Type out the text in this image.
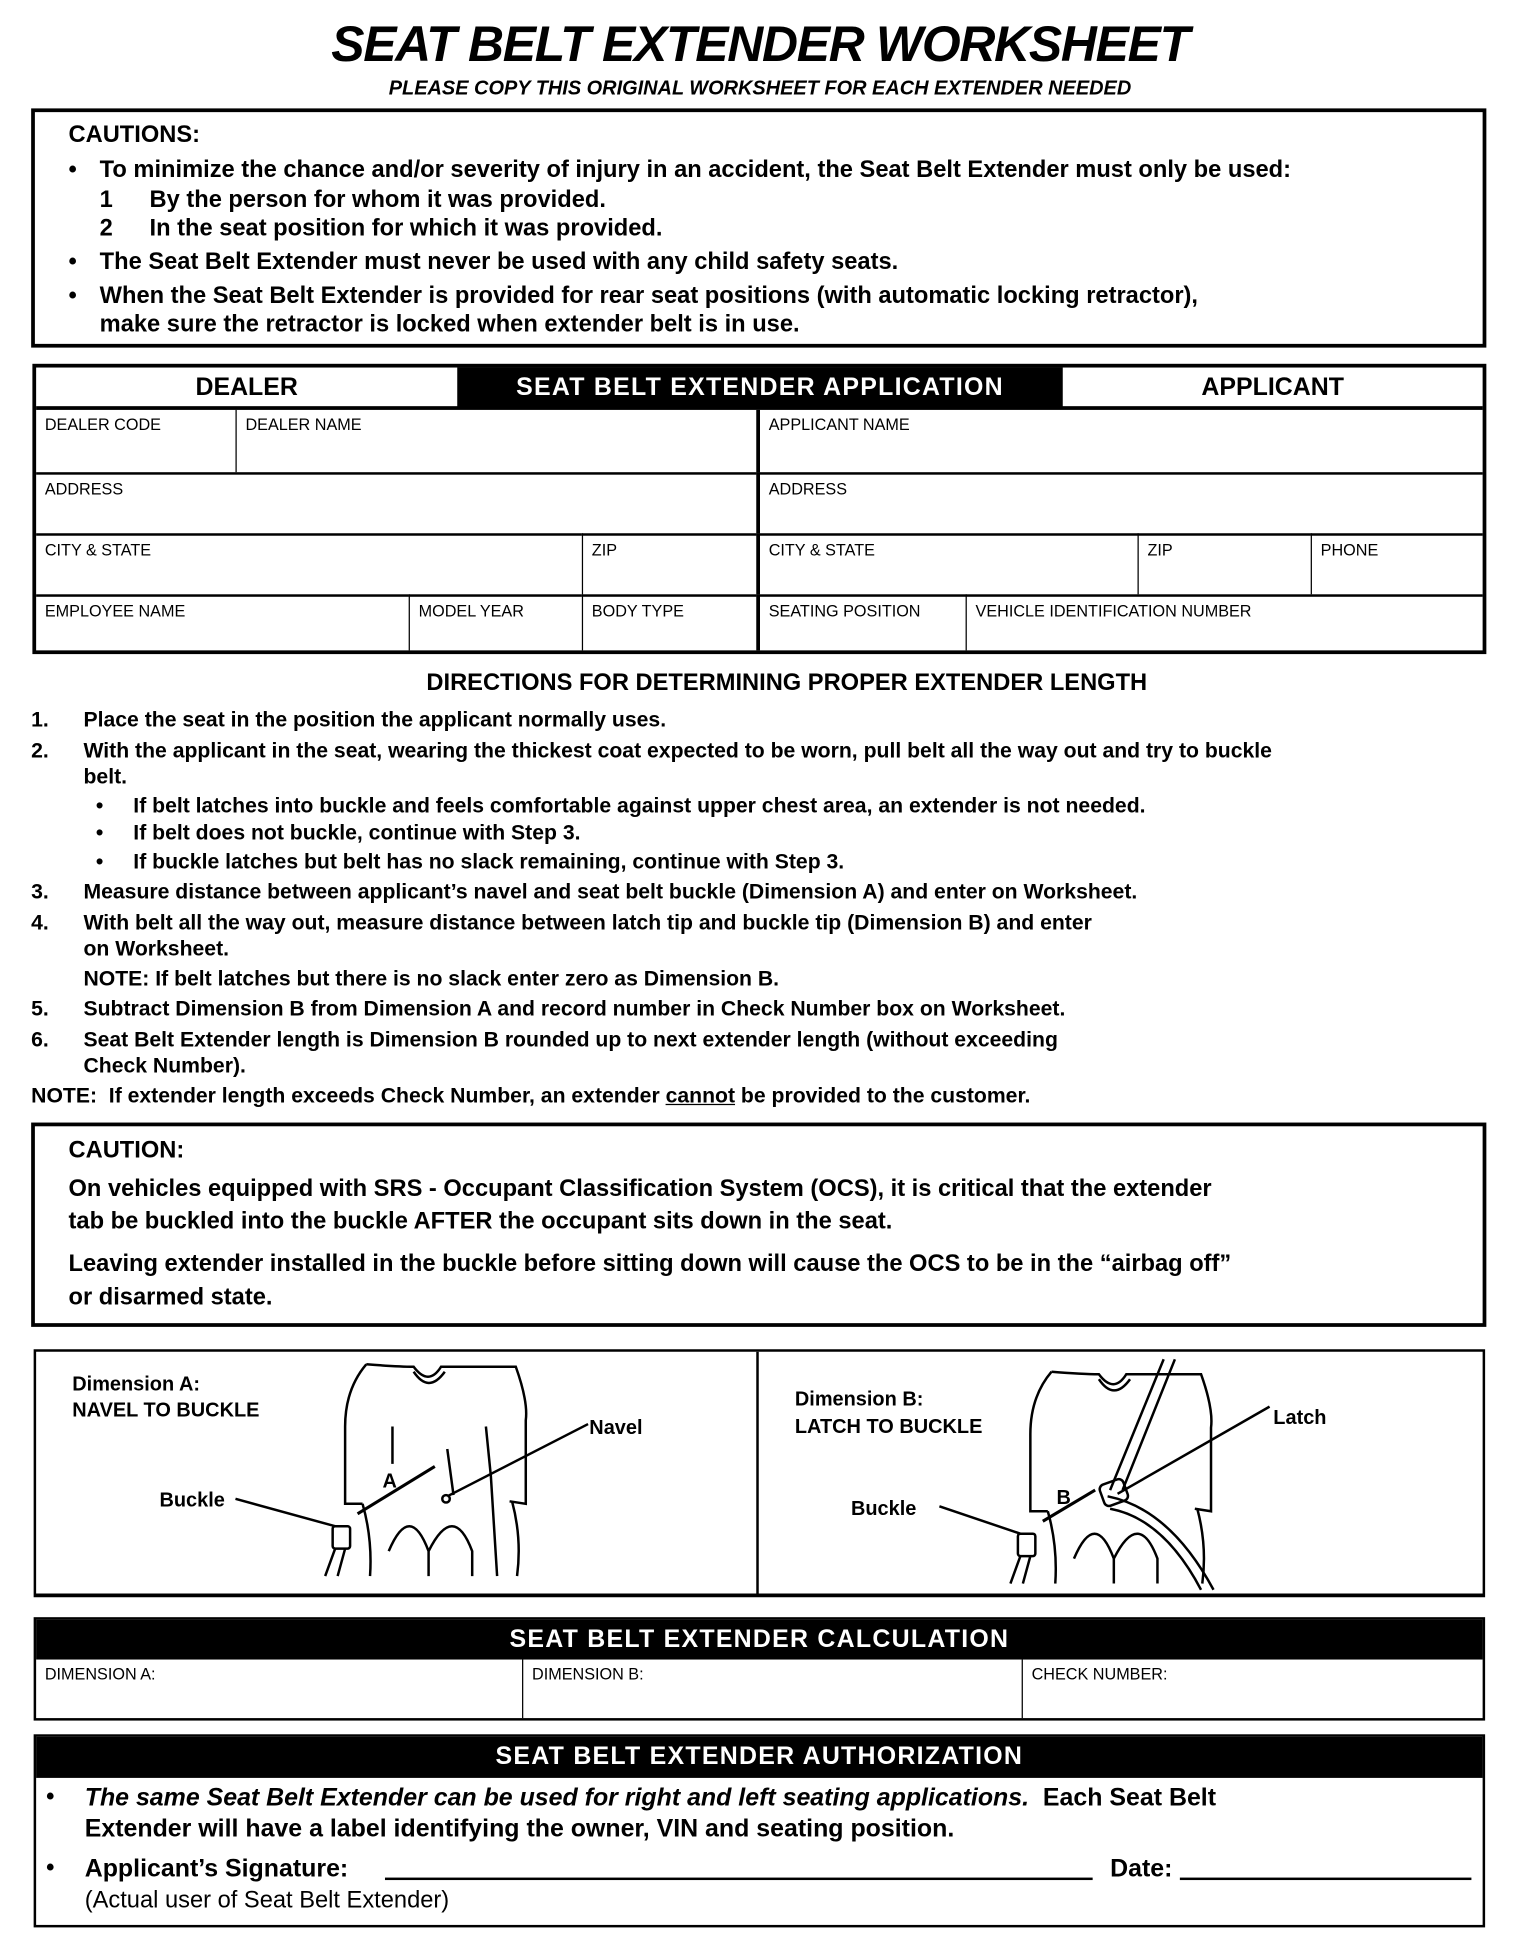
SEAT BELT EXTENDER WORKSHEET
PLEASE COPY THIS ORIGINAL WORKSHEET FOR EACH EXTENDER NEEDED
CAUTIONS:
• To minimize the chance and/or severity of injury in an accident, the Seat Belt Extender must only be used:
1 By the person for whom it was provided.
2 In the seat position for which it was provided.
• The Seat Belt Extender must never be used with any child safety seats.
• When the Seat Belt Extender is provided for rear seat positions (with automatic locking retractor),
make sure the retractor is locked when extender belt is in use.
DEALER	SEAT BELT EXTENDER APPLICATION	APPLICANT
DEALER CODE	DEALER NAME	APPLICANT NAME
ADDRESS	ADDRESS
CITY & STATE	ZIP	CITY & STATE	ZIP	PHONE
EMPLOYEE NAME	MODEL YEAR	BODY TYPE	SEATING POSITION	VEHICLE IDENTIFICATION NUMBER
DIRECTIONS FOR DETERMINING PROPER EXTENDER LENGTH
1. Place the seat in the position the applicant normally uses.
2. With the applicant in the seat, wearing the thickest coat expected to be worn, pull belt all the way out and try to buckle
belt.
• If belt latches into buckle and feels comfortable against upper chest area, an extender is not needed.
• If belt does not buckle, continue with Step 3.
• If buckle latches but belt has no slack remaining, continue with Step 3.
3. Measure distance between applicant’s navel and seat belt buckle (Dimension A) and enter on Worksheet.
4. With belt all the way out, measure distance between latch tip and buckle tip (Dimension B) and enter
on Worksheet.
NOTE: If belt latches but there is no slack enter zero as Dimension B.
5. Subtract Dimension B from Dimension A and record number in Check Number box on Worksheet.
6. Seat Belt Extender length is Dimension B rounded up to next extender length (without exceeding
Check Number).
NOTE:  If extender length exceeds Check Number, an extender cannot be provided to the customer.
CAUTION:
On vehicles equipped with SRS - Occupant Classification System (OCS), it is critical that the extender
tab be buckled into the buckle AFTER the occupant sits down in the seat.
Leaving extender installed in the buckle before sitting down will cause the OCS to be in the “airbag off”
or disarmed state.
Dimension A:
NAVEL TO BUCKLE
Navel
Buckle
A
Dimension B:
LATCH TO BUCKLE	Latch
Buckle
B
SEAT BELT EXTENDER CALCULATION
DIMENSION A:	DIMENSION B:	CHECK NUMBER:
SEAT BELT EXTENDER AUTHORIZATION
• The same Seat Belt Extender can be used for right and left seating applications.  Each Seat Belt
Extender will have a label identifying the owner, VIN and seating position.
• Applicant’s Signature:	Date:
(Actual user of Seat Belt Extender)
